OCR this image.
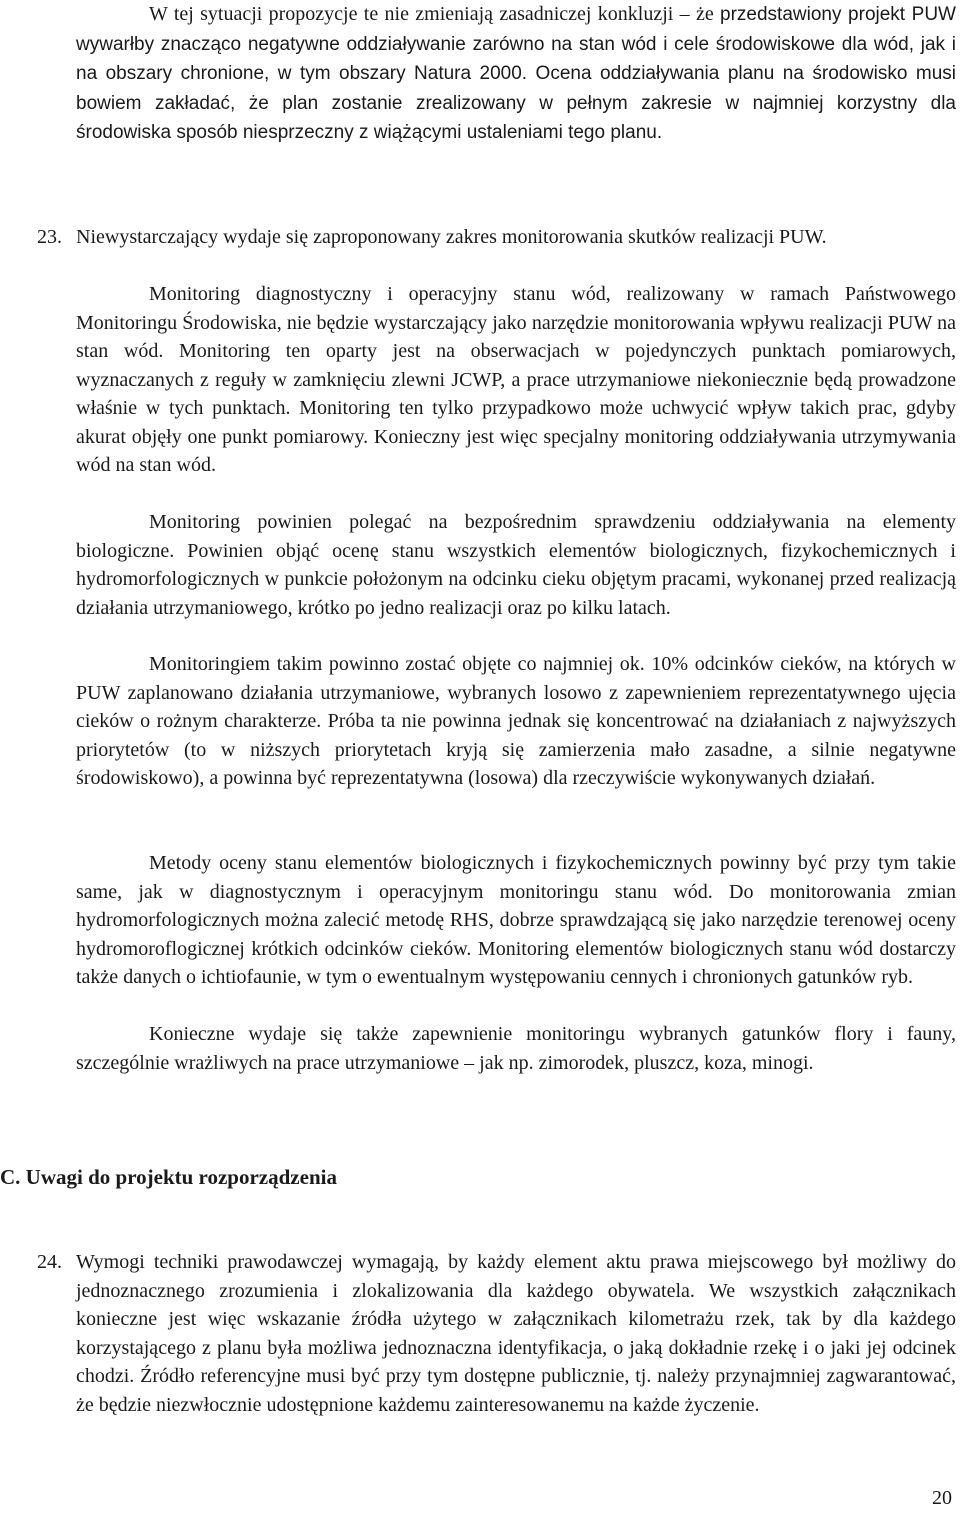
W tej sytuacji propozycje te nie zmieniają zasadniczej konkluzji – że przedstawiony projekt PUW wywarłby znacząco negatywne oddziaływanie zarówno na stan wód i cele środowiskowe dla wód, jak i na obszary chronione, w tym obszary Natura 2000. Ocena oddziaływania planu na środowisko musi bowiem zakładać, że plan zostanie zrealizowany w pełnym zakresie w najmniej korzystny dla środowiska sposób niesprzeczny z wiążącymi ustaleniami tego planu.

23. Niewystarczający wydaje się zaproponowany zakres monitorowania skutków realizacji PUW.

Monitoring diagnostyczny i operacyjny stanu wód, realizowany w ramach Państwowego Monitoringu Środowiska, nie będzie wystarczający jako narzędzie monitorowania wpływu realizacji PUW na stan wód. Monitoring ten oparty jest na obserwacjach w pojedynczych punktach pomiarowych, wyznaczanych z reguły w zamknięciu zlewni JCWP, a prace utrzymaniowe niekoniecznie będą prowadzone właśnie w tych punktach. Monitoring ten tylko przypadkowo może uchwycić wpływ takich prac, gdyby akurat objęły one punkt pomiarowy. Konieczny jest więc specjalny monitoring oddziaływania utrzymywania wód na stan wód.

Monitoring powinien polegać na bezpośrednim sprawdzeniu oddziaływania na elementy biologiczne. Powinien objąć ocenę stanu wszystkich elementów biologicznych, fizykochemicznych i hydromorfologicznych w punkcie położonym na odcinku cieku objętym pracami, wykonanej przed realizacją działania utrzymaniowego, krótko po jedno realizacji oraz po kilku latach.

Monitoringiem takim powinno zostać objęte co najmniej ok. 10% odcinków cieków, na których w PUW zaplanowano działania utrzymaniowe, wybranych losowo z zapewnieniem reprezentatywnego ujęcia cieków o rożnym charakterze. Próba ta nie powinna jednak się koncentrować na działaniach z najwyższych priorytetów (to w niższych priorytetach kryją się zamierzenia mało zasadne, a silnie negatywne środowiskowo), a powinna być reprezentatywna (losowa) dla rzeczywiście wykonywanych działań.

Metody oceny stanu elementów biologicznych i fizykochemicznych powinny być przy tym takie same, jak w diagnostycznym i operacyjnym monitoringu stanu wód. Do monitorowania zmian hydromorfologicznych można zalecić metodę RHS, dobrze sprawdzającą się jako narzędzie terenowej oceny hydromoroflogicznej krótkich odcinków cieków. Monitoring elementów biologicznych stanu wód dostarczy także danych o ichtiofaunie, w tym o ewentualnym występowaniu cennych i chronionych gatunków ryb.

Konieczne wydaje się także zapewnienie monitoringu wybranych gatunków flory i fauny, szczególnie wrażliwych na prace utrzymaniowe – jak np. zimorodek, pluszcz, koza, minogi.

C. Uwagi do projektu rozporządzenia
24. Wymogi techniki prawodawczej wymagają, by każdy element aktu prawa miejscowego był możliwy do jednoznacznego zrozumienia i zlokalizowania dla każdego obywatela. We wszystkich załącznikach konieczne jest więc wskazanie źródła użytego w załącznikach kilometrażu rzek, tak by dla każdego korzystającego z planu była możliwa jednoznaczna identyfikacja, o jaką dokładnie rzekę i o jaki jej odcinek chodzi. Źródło referencyjne musi być przy tym dostępne publicznie, tj. należy przynajmniej zagwarantować, że będzie niezwłocznie udostępnione każdemu zainteresowanemu na każde życzenie.
20
